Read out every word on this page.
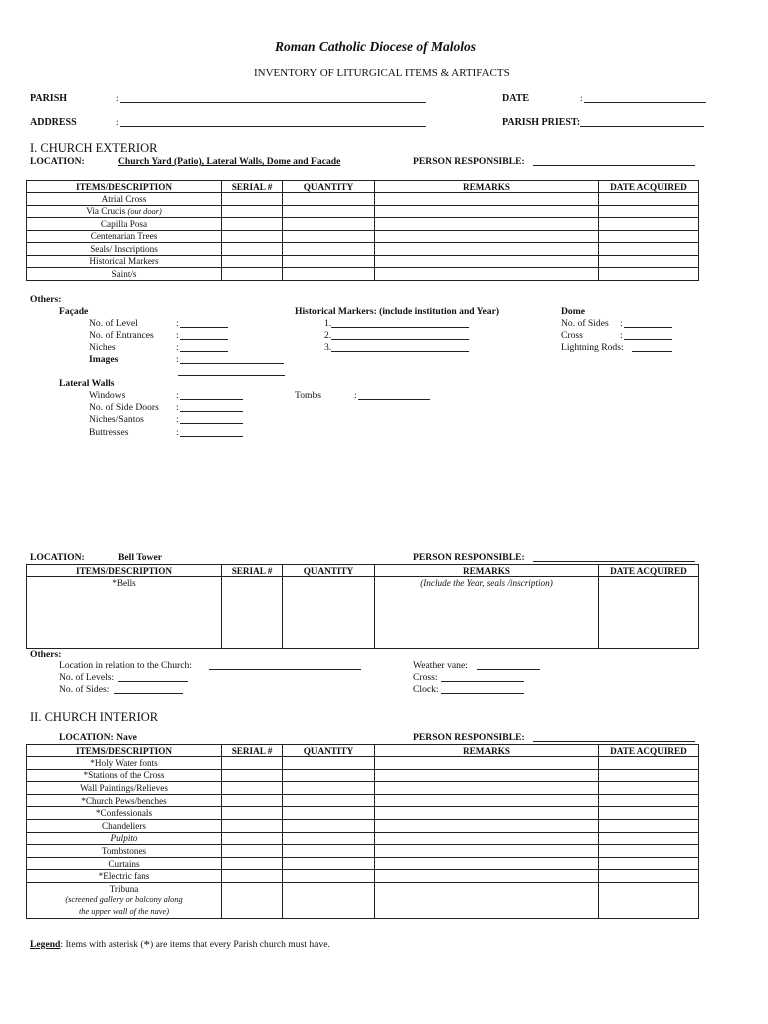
Roman Catholic Diocese of Malolos
INVENTORY OF LITURGICAL ITEMS & ARTIFACTS
PARISH	:	DATE	:
ADDRESS	:	PARISH PRIEST:
I. CHURCH EXTERIOR
LOCATION:	Church Yard (Patio), Lateral Walls, Dome and Facade	PERSON RESPONSIBLE:
ITEMS/DESCRIPTION	SERIAL #	QUANTITY	REMARKS	DATE ACQUIRED
Atrial Cross				
Via Crucis (out door)				
Capilla Posa				
Centenarian Trees				
Seals/ Inscriptions				
Historical Markers				
Saint/s				
Others:
Façade
No. of Level	:
No. of Entrances :
Niches	:
Images	:
Historical Markers: (include institution and Year)
1.
2.
3.
Dome
No. of Sides :
Cross	:
Lightning Rods:
Lateral Walls
Windows	:
No. of Side Doors :
Niches/Santos	:
Buttresses	:
Tombs	:
LOCATION:	Bell Tower	PERSON RESPONSIBLE:
ITEMS/DESCRIPTION	SERIAL #	QUANTITY	REMARKS	DATE ACQUIRED
*Bells			(Include the Year, seals /inscription)	
Others:
Location in relation to the Church:
No. of Levels:
No. of Sides:
Weather vane:
Cross:
Clock:
II. CHURCH INTERIOR
LOCATION: Nave	PERSON RESPONSIBLE:
ITEMS/DESCRIPTION	SERIAL #	QUANTITY	REMARKS	DATE ACQUIRED
*Holy Water fonts				
*Stations of the Cross				
Wall Paintings/Relieves				
*Church Pews/benches				
*Confessionals				
Chandeliers				
Pulpito				
Tombstones				
Curtains				
*Electric fans				

Tribuna
(screened gallery or balcony along
the upper wall of the nave)				

Legend: Items with asterisk (*) are items that every Parish church must have.
